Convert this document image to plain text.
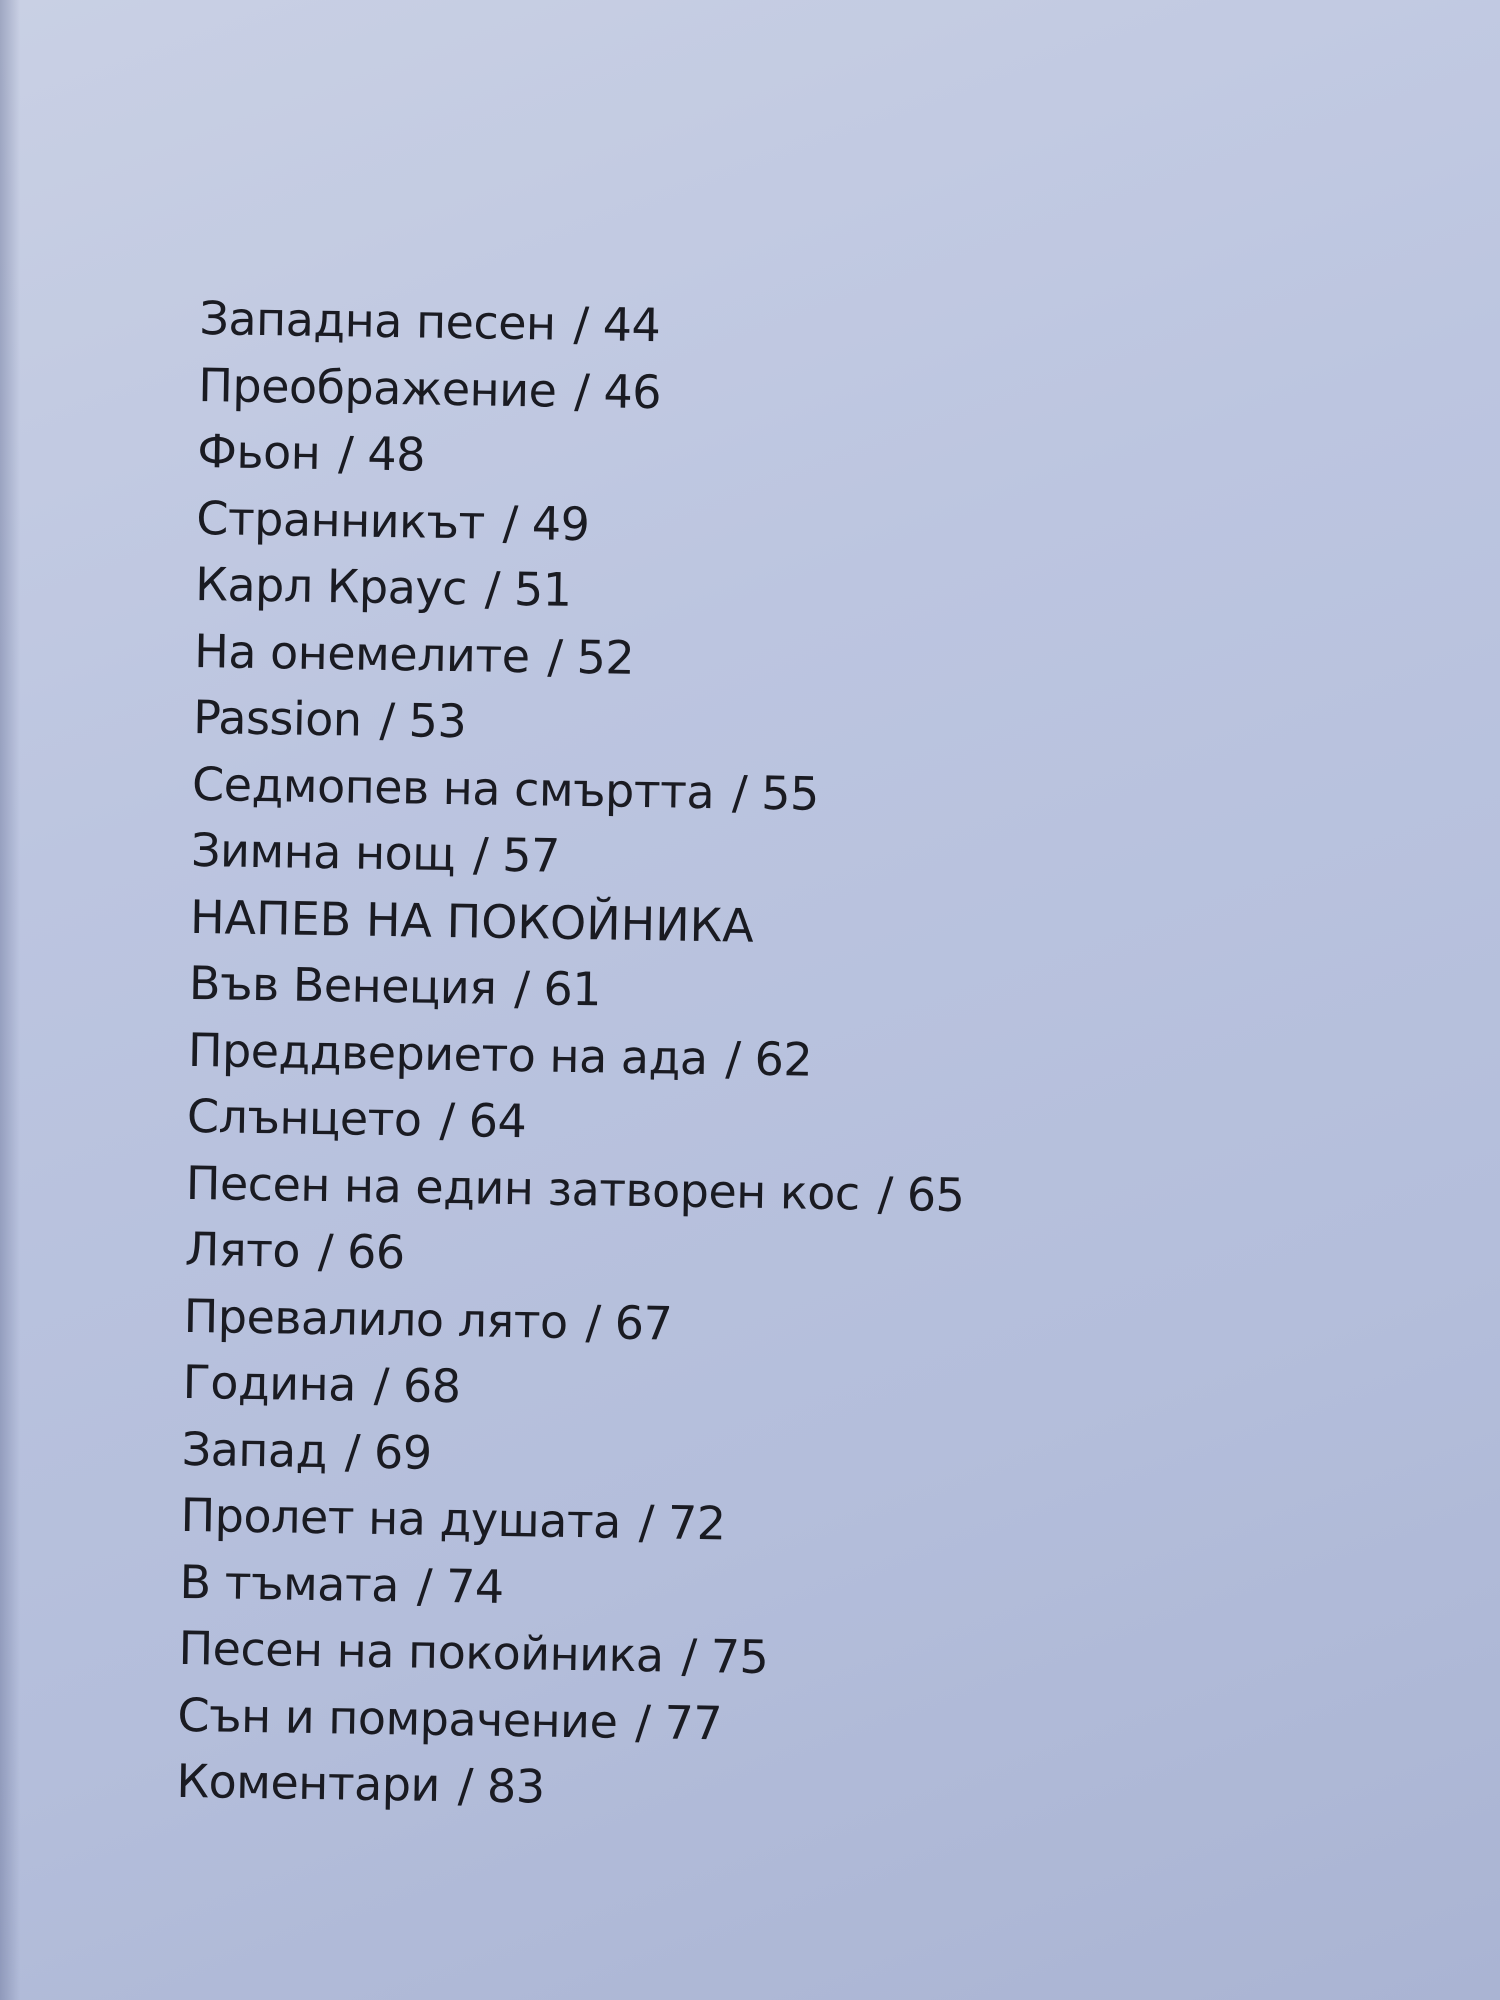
Западна песен / 44
Преображение / 46
Фьон / 48
Странникът / 49
Карл Краус / 51
На онемелите / 52
Passion / 53
Седмопев на смъртта / 55
Зимна нощ / 57
НАПЕВ НА ПОКОЙНИКА
Във Венеция / 61
Преддверието на ада / 62
Слънцето / 64
Песен на един затворен кос / 65
Лято / 66
Превалило лято / 67
Година / 68
Запад / 69
Пролет на душата / 72
В тъмата / 74
Песен на покойника / 75
Сън и помрачение / 77
Коментари / 83
